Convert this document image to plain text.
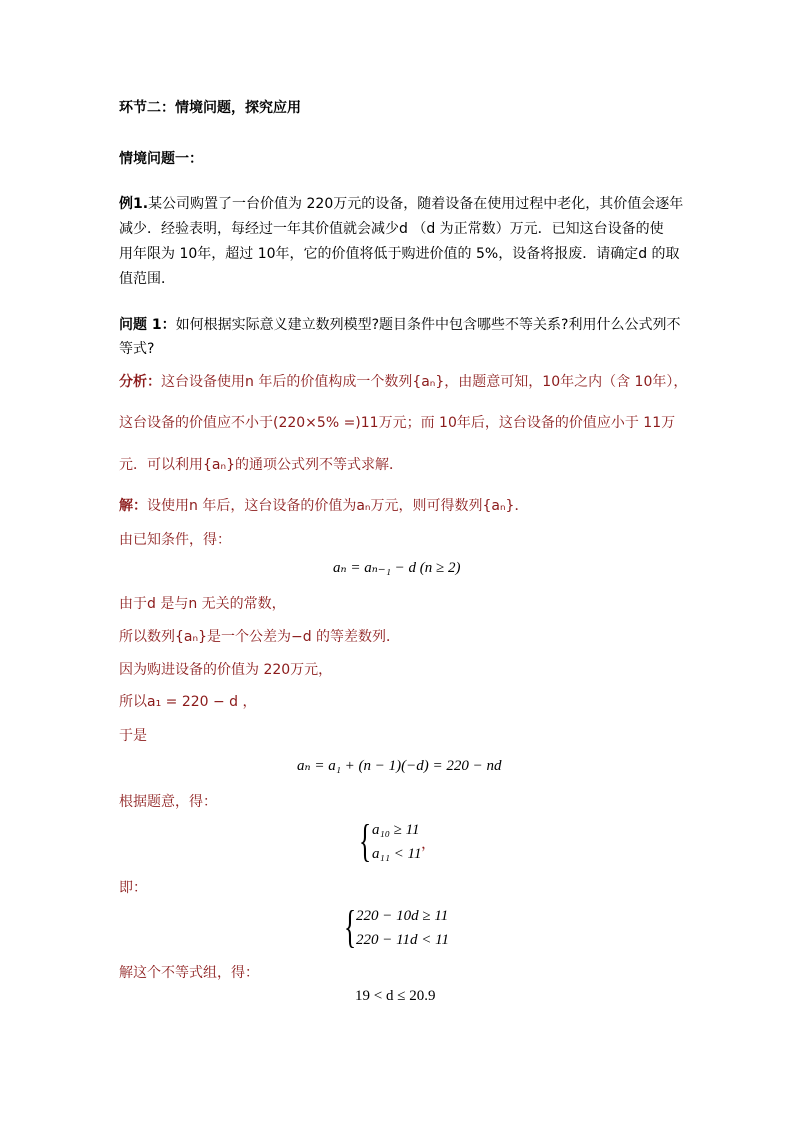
环节二：情境问题，探究应用
情境问题一：
例1.某公司购置了一台价值为 220万元的设备，随着设备在使用过程中老化，其价值会逐年
减少．经验表明，每经过一年其价值就会减少d （d 为正常数）万元．已知这台设备的使
用年限为 10年，超过 10年，它的价值将低于购进价值的 5%，设备将报废．请确定d 的取
值范围．
问题 1：如何根据实际意义建立数列模型?题目条件中包含哪些不等关系?利用什么公式列不
等式?
分析：这台设备使用n 年后的价值构成一个数列{aₙ}，由题意可知，10年之内（含 10年），
这台设备的价值应不小于(220×5% =)11万元；而 10年后，这台设备的价值应小于 11万
元．可以利用{aₙ}的通项公式列不等式求解．
解：设使用n 年后，这台设备的价值为aₙ万元，则可得数列{aₙ}．
由已知条件，得：
aₙ = aₙ₋₁ − d (n ≥ 2)
由于d 是与n 无关的常数，
所以数列{aₙ}是一个公差为−d 的等差数列．
因为购进设备的价值为 220万元，
所以a₁ = 220 − d ，
于是
aₙ = a₁ + (n − 1)(−d) = 220 − nd
根据题意，得：
{ a₁₀ ≥ 11
a₁₁ < 11
，
即：
{ 220 − 10d ≥ 11
220 − 11d < 11
解这个不等式组，得：
19 < d ≤ 20.9
